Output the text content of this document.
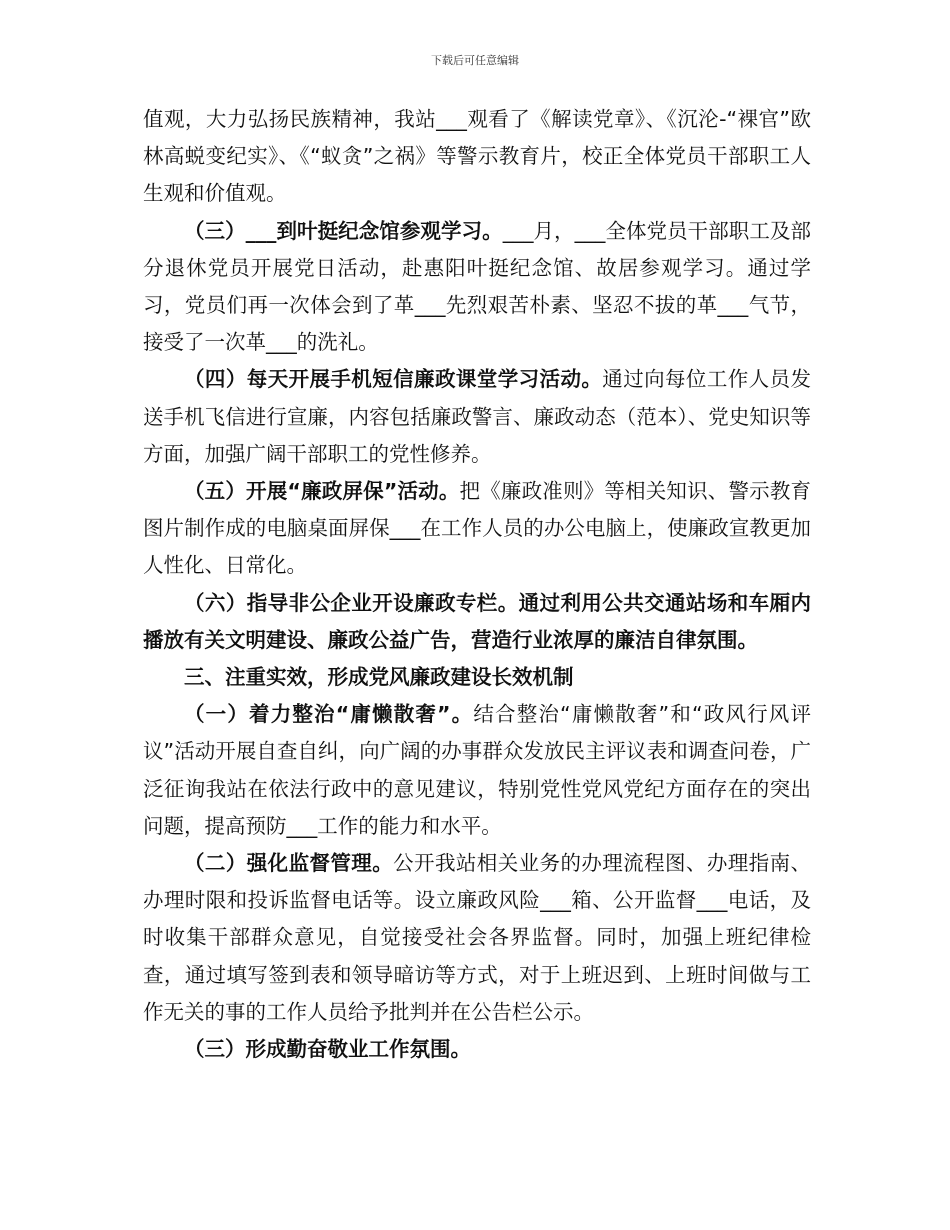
下载后可任意编辑

值观，大力弘扬民族精神，我站___观看了《解读党章》、《沉沦-“裸官”欧林高蜕变纪实》、《“蚁贪”之祸》等警示教育片，校正全体党员干部职工人生观和价值观。

（三）___到叶挺纪念馆参观学习。___月，___全体党员干部职工及部分退休党员开展党日活动，赴惠阳叶挺纪念馆、故居参观学习。通过学习，党员们再一次体会到了革___先烈艰苦朴素、坚忍不拔的革___气节，接受了一次革___的洗礼。

（四）每天开展手机短信廉政课堂学习活动。通过向每位工作人员发送手机飞信进行宣廉，内容包括廉政警言、廉政动态（范本）、党史知识等方面，加强广阔干部职工的党性修养。

（五）开展“廉政屏保”活动。把《廉政准则》等相关知识、警示教育图片制作成的电脑桌面屏保___在工作人员的办公电脑上，使廉政宣教更加人性化、日常化。

（六）指导非公企业开设廉政专栏。通过利用公共交通站场和车厢内播放有关文明建设、廉政公益广告，营造行业浓厚的廉洁自律氛围。

三、注重实效，形成党风廉政建设长效机制

（一）着力整治“庸懒散奢”。结合整治“庸懒散奢”和“政风行风评议”活动开展自查自纠，向广阔的办事群众发放民主评议表和调查问卷，广泛征询我站在依法行政中的意见建议，特别党性党风党纪方面存在的突出问题，提高预防___工作的能力和水平。

（二）强化监督管理。公开我站相关业务的办理流程图、办理指南、办理时限和投诉监督电话等。设立廉政风险___箱、公开监督___电话，及时收集干部群众意见，自觉接受社会各界监督。同时，加强上班纪律检查，通过填写签到表和领导暗访等方式，对于上班迟到、上班时间做与工作无关的事的工作人员给予批判并在公告栏公示。

（三）形成勤奋敬业工作氛围。
